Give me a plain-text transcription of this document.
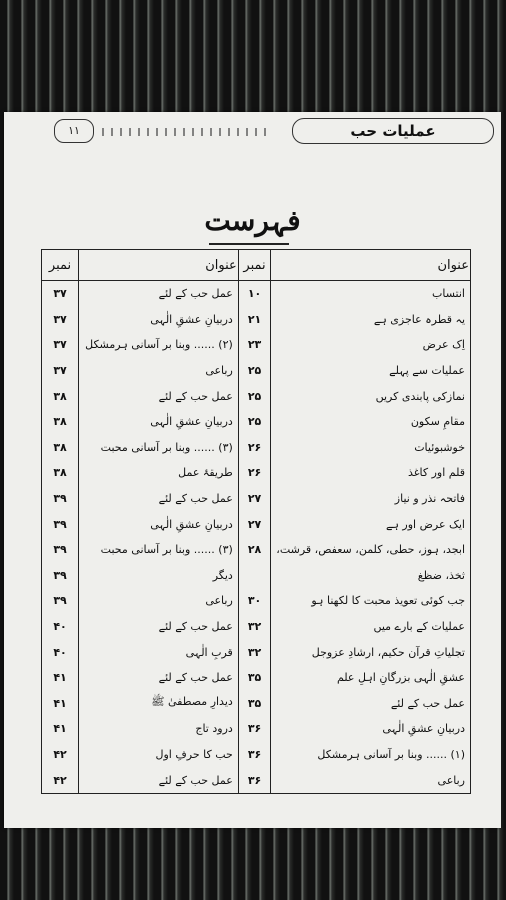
۱۱	عملیات حب
فہرست
عنوان	نمبر	عنوان	نمبر
انتساب	۱۰	عمل حب کے لئے	۳۷
یہ قطرہ عاجزی ہے	۲۱	دربیانِ عشقِ الٰہی	۳۷
اِک عرض	۲۳	(۲) ...... وبنا بر آسانی ہرمشکل	۳۷
عملیات سے پہلے	۲۵	رباعی	۳۷
نمازکی پابندی کریں	۲۵	عمل حب کے لئے	۳۸
مقامِ سکون	۲۵	دربیانِ عشقِ الٰہی	۳۸
خوشبوئیات	۲۶	(۳) ...... وبنا بر آسانی محبت	۳۸
قلم اور کاغذ	۲۶	طریقۂ عمل	۳۸
فاتحہ نذر و نیاز	۲۷	عمل حب کے لئے	۳۹
ایک عرض اور ہے	۲۷	دربیانِ عشقِ الٰہی	۳۹
ابجد، ہوز، حطی، کلمن، سعفص، قرشت،	۲۸	(۳) ...... وبنا بر آسانی محبت	۳۹
ثخذ، ضظغ		دیگر	۳۹
جب کوئی تعویذ محبت کا لکھنا ہو	۳۰	رباعی	۳۹
عملیات کے بارے میں	۳۲	عمل حب کے لئے	۴۰
تجلیاتِ قرآن حکیم، ارشادِ عزوجل	۳۲	قربِ الٰہی	۴۰
عشقِ الٰہی بزرگانِ اہلِ علم	۳۵	عمل حب کے لئے	۴۱
عمل حب کے لئے	۳۵	دیدارِ مصطفیٰ ﷺ	۴۱
دربیانِ عشقِ الٰہی	۳۶	درود تاج	۴۱
(۱) ...... وبنا بر آسانی ہرمشکل	۳۶	حب کا حرفِ اول	۴۲
رباعی	۳۶	عمل حب کے لئے	۴۲
